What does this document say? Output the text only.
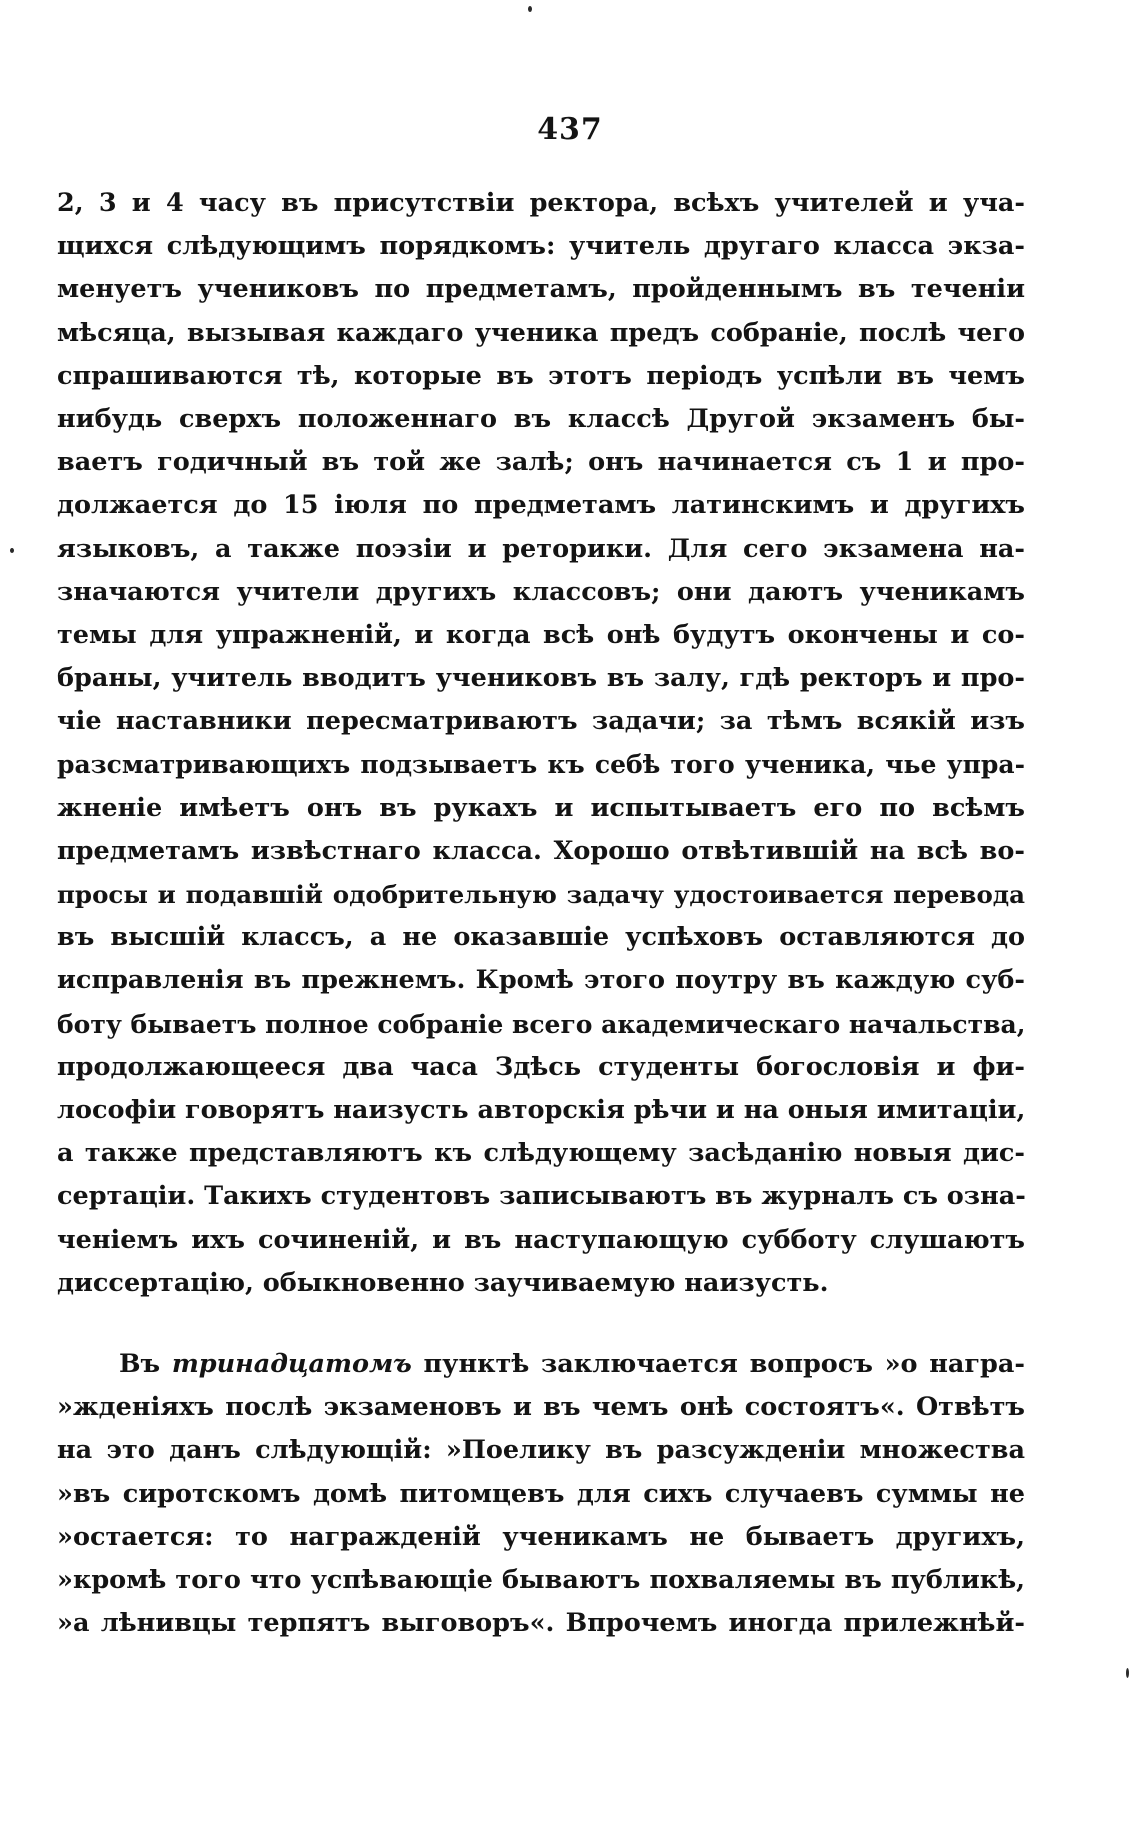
437
2, 3 и 4 часу въ присутствіи ректора, всѣхъ учителей и уча-
щихся слѣдующимъ порядкомъ: учитель другаго класса экза-
менуетъ учениковъ по предметамъ, пройденнымъ въ теченіи
мѣсяца, вызывая каждаго ученика предъ собраніе, послѣ чего
спрашиваются тѣ, которые въ этотъ періодъ успѣли въ чемъ
нибудь сверхъ положеннаго въ классѣ Другой экзаменъ бы-
ваетъ годичный въ той же залѣ; онъ начинается съ 1 и про-
должается до 15 іюля по предметамъ латинскимъ и другихъ
языковъ, а также поэзіи и реторики. Для сего экзамена на-
значаются учители другихъ классовъ; они даютъ ученикамъ
темы для упражненій, и когда всѣ онѣ будутъ окончены и со-
браны, учитель вводитъ учениковъ въ залу, гдѣ ректоръ и про-
чіе наставники пересматриваютъ задачи; за тѣмъ всякій изъ
разсматривающихъ подзываетъ къ себѣ того ученика, чье упра-
жненіе имѣетъ онъ въ рукахъ и испытываетъ его по всѣмъ
предметамъ извѣстнаго класса. Хорошо отвѣтившій на всѣ во-
просы и подавшій одобрительную задачу удостоивается перевода
въ высшій классъ, а не оказавшіе успѣховъ оставляются до
исправленія въ прежнемъ. Кромѣ этого поутру въ каждую суб-
боту бываетъ полное собраніе всего академическаго начальства,
продолжающееся два часа Здѣсь студенты богословія и фи-
лософіи говорятъ наизусть авторскія рѣчи и на оныя имитаціи,
а также представляютъ къ слѣдующему засѣданію новыя дис-
сертаціи. Такихъ студентовъ записываютъ въ журналъ съ озна-
ченіемъ ихъ сочиненій, и въ наступающую субботу слушаютъ
диссертацію, обыкновенно заучиваемую наизусть.
Въ тринадцатомъ пунктѣ заключается вопросъ »о награ-
»жденіяхъ послѣ экзаменовъ и въ чемъ онѣ состоятъ«. Отвѣтъ
на это данъ слѣдующій: »Поелику въ разсужденіи множества
»въ сиротскомъ домѣ питомцевъ для сихъ случаевъ суммы не
»остается: то награжденій ученикамъ не бываетъ другихъ,
»кромѣ того что успѣвающіе бываютъ похваляемы въ публикѣ,
»а лѣнивцы терпятъ выговоръ«. Впрочемъ иногда прилежнѣй-
